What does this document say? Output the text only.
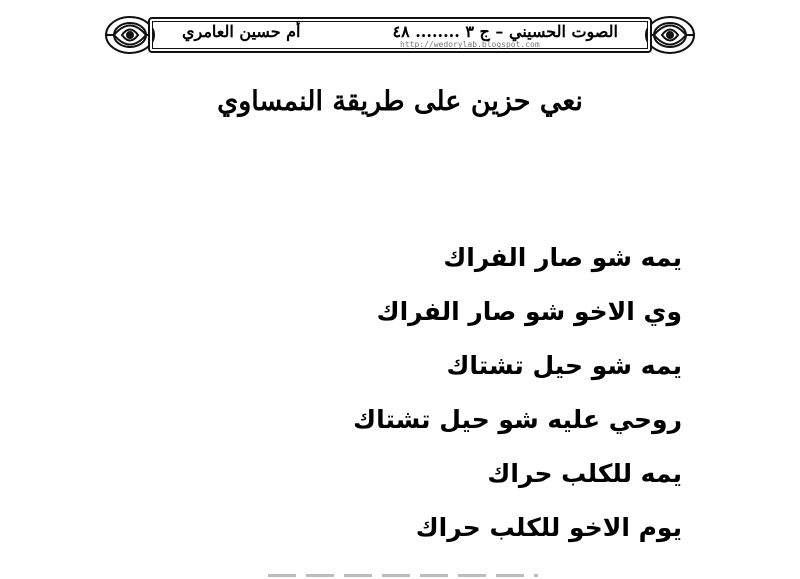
الصوت الحسيني – ج ٣ ........ ٤٨
أم حسين العامري
http://wedorylab.blogspot.com
نعي حزين على طريقة النمساوي
يمه شو صار الفراك
وي الاخو شو صار الفراك
يمه شو حيل تشتاك
روحي عليه شو حيل تشتاك
يمه للكلب حراك
يوم الاخو للكلب حراك
